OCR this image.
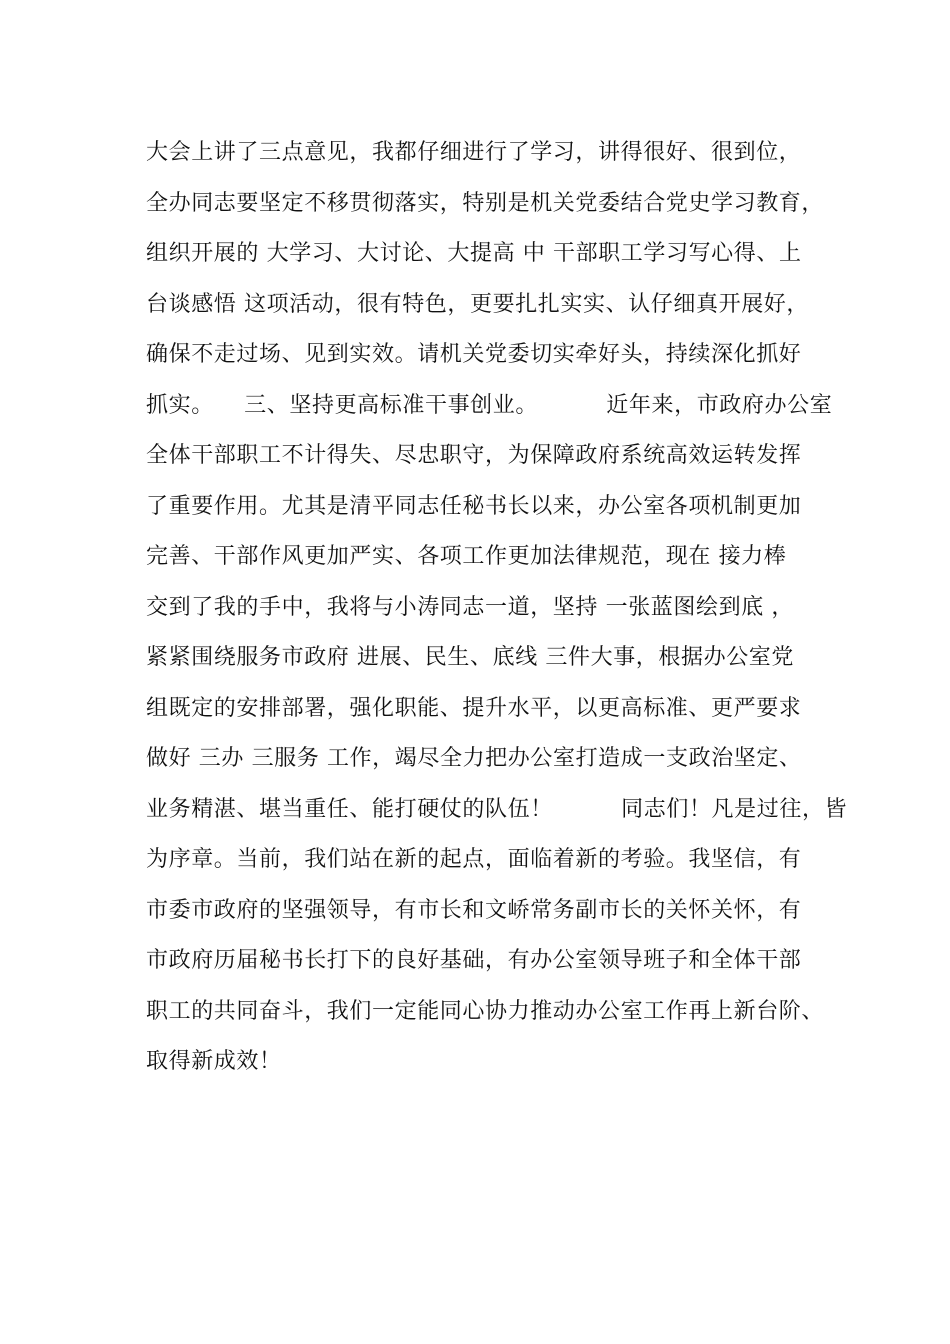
大会上讲了三点意见，我都仔细进行了学习，讲得很好、很到位，
全办同志要坚定不移贯彻落实，特别是机关党委结合党史学习教育，
组织开展的 大学习、大讨论、大提高 中 干部职工学习写心得、上
台谈感悟 这项活动，很有特色，更要扎扎实实、认仔细真开展好，
确保不走过场、见到实效。请机关党委切实牵好头，持续深化抓好
抓实。    三、坚持更高标准干事创业。         近年来，市政府办公室
全体干部职工不计得失、尽忠职守，为保障政府系统高效运转发挥
了重要作用。尤其是清平同志任秘书长以来，办公室各项机制更加
完善、干部作风更加严实、各项工作更加法律规范，现在 接力棒
交到了我的手中，我将与小涛同志一道，坚持 一张蓝图绘到底 ，
紧紧围绕服务市政府 进展、民生、底线 三件大事，根据办公室党
组既定的安排部署，强化职能、提升水平，以更高标准、更严要求
做好 三办 三服务 工作，竭尽全力把办公室打造成一支政治坚定、
业务精湛、堪当重任、能打硬仗的队伍！         同志们！凡是过往，皆
为序章。当前，我们站在新的起点，面临着新的考验。我坚信，有
市委市政府的坚强领导，有市长和文峤常务副市长的关怀关怀，有
市政府历届秘书长打下的良好基础，有办公室领导班子和全体干部
职工的共同奋斗，我们一定能同心协力推动办公室工作再上新台阶、
取得新成效！
